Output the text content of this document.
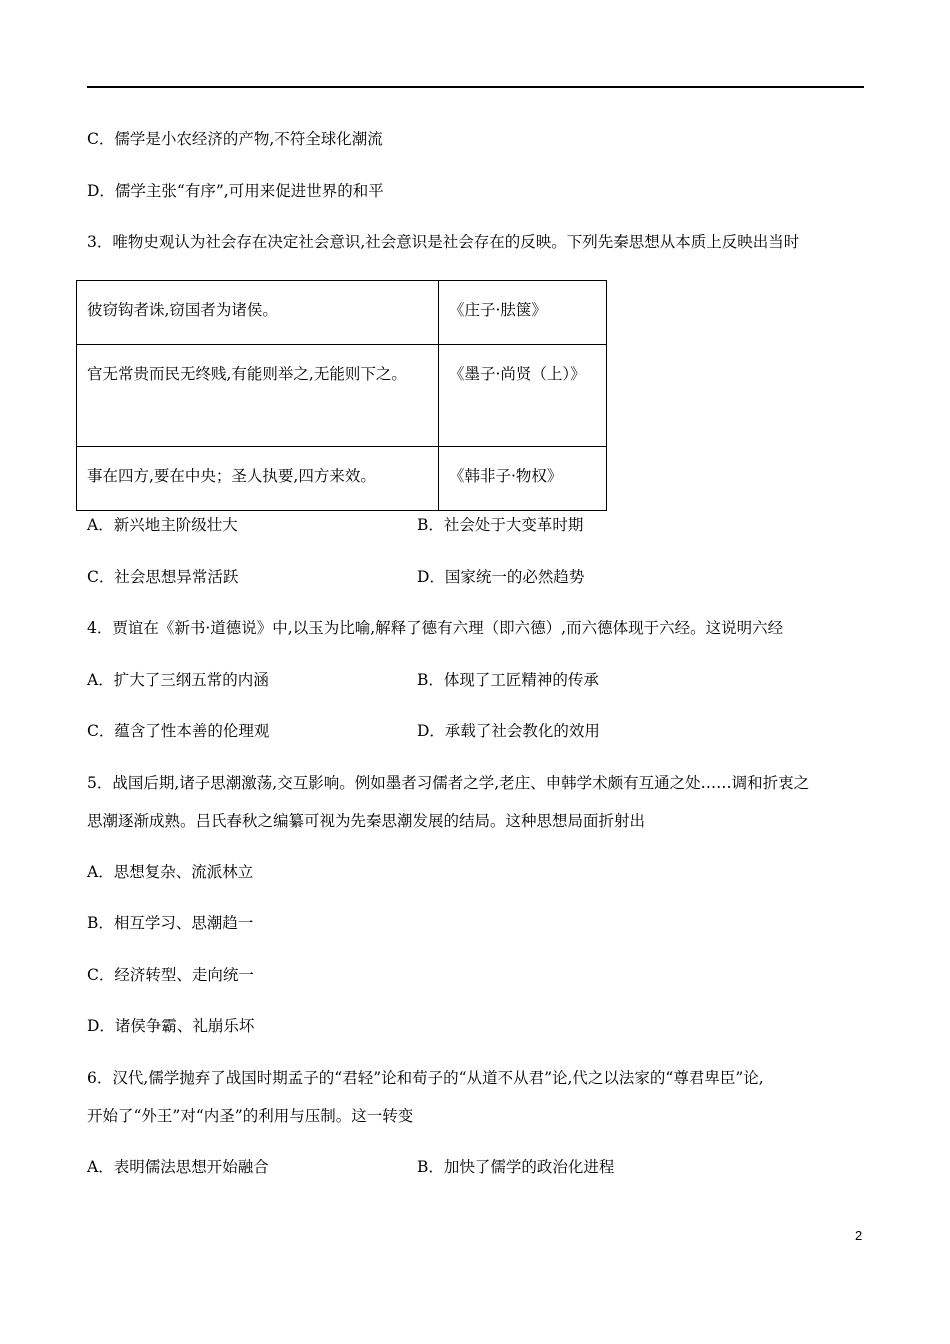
C．儒学是小农经济的产物,不符全球化潮流
D．儒学主张“有序”,可用来促进世界的和平
3．唯物史观认为社会存在决定社会意识,社会意识是社会存在的反映。下列先秦思想从本质上反映出当时
彼窃钩者诛,窃国者为诸侯。	《庄子·胠箧》
官无常贵而民无终贱,有能则举之,无能则下之。	《墨子·尚贤（上）》
事在四方,要在中央；圣人执要,四方来效。	《韩非子·物权》
A．新兴地主阶级壮大	B．社会处于大变革时期
C．社会思想异常活跃	D．国家统一的必然趋势
4．贾谊在《新书·道德说》中,以玉为比喻,解释了德有六理（即六德）,而六德体现于六经。这说明六经
A．扩大了三纲五常的内涵	B．体现了工匠精神的传承
C．蕴含了性本善的伦理观	D．承载了社会教化的效用
5．战国后期,诸子思潮激荡,交互影响。例如墨者习儒者之学,老庄、申韩学术颇有互通之处……调和折衷之
思潮逐渐成熟。吕氏春秋之编纂可视为先秦思潮发展的结局。这种思想局面折射出
A．思想复杂、流派林立
B．相互学习、思潮趋一
C．经济转型、走向统一
D．诸侯争霸、礼崩乐坏
6．汉代,儒学抛弃了战国时期孟子的“君轻”论和荀子的“从道不从君”论,代之以法家的“尊君卑臣”论,
开始了“外王”对“内圣”的利用与压制。这一转变
A．表明儒法思想开始融合	B．加快了儒学的政治化进程
2
